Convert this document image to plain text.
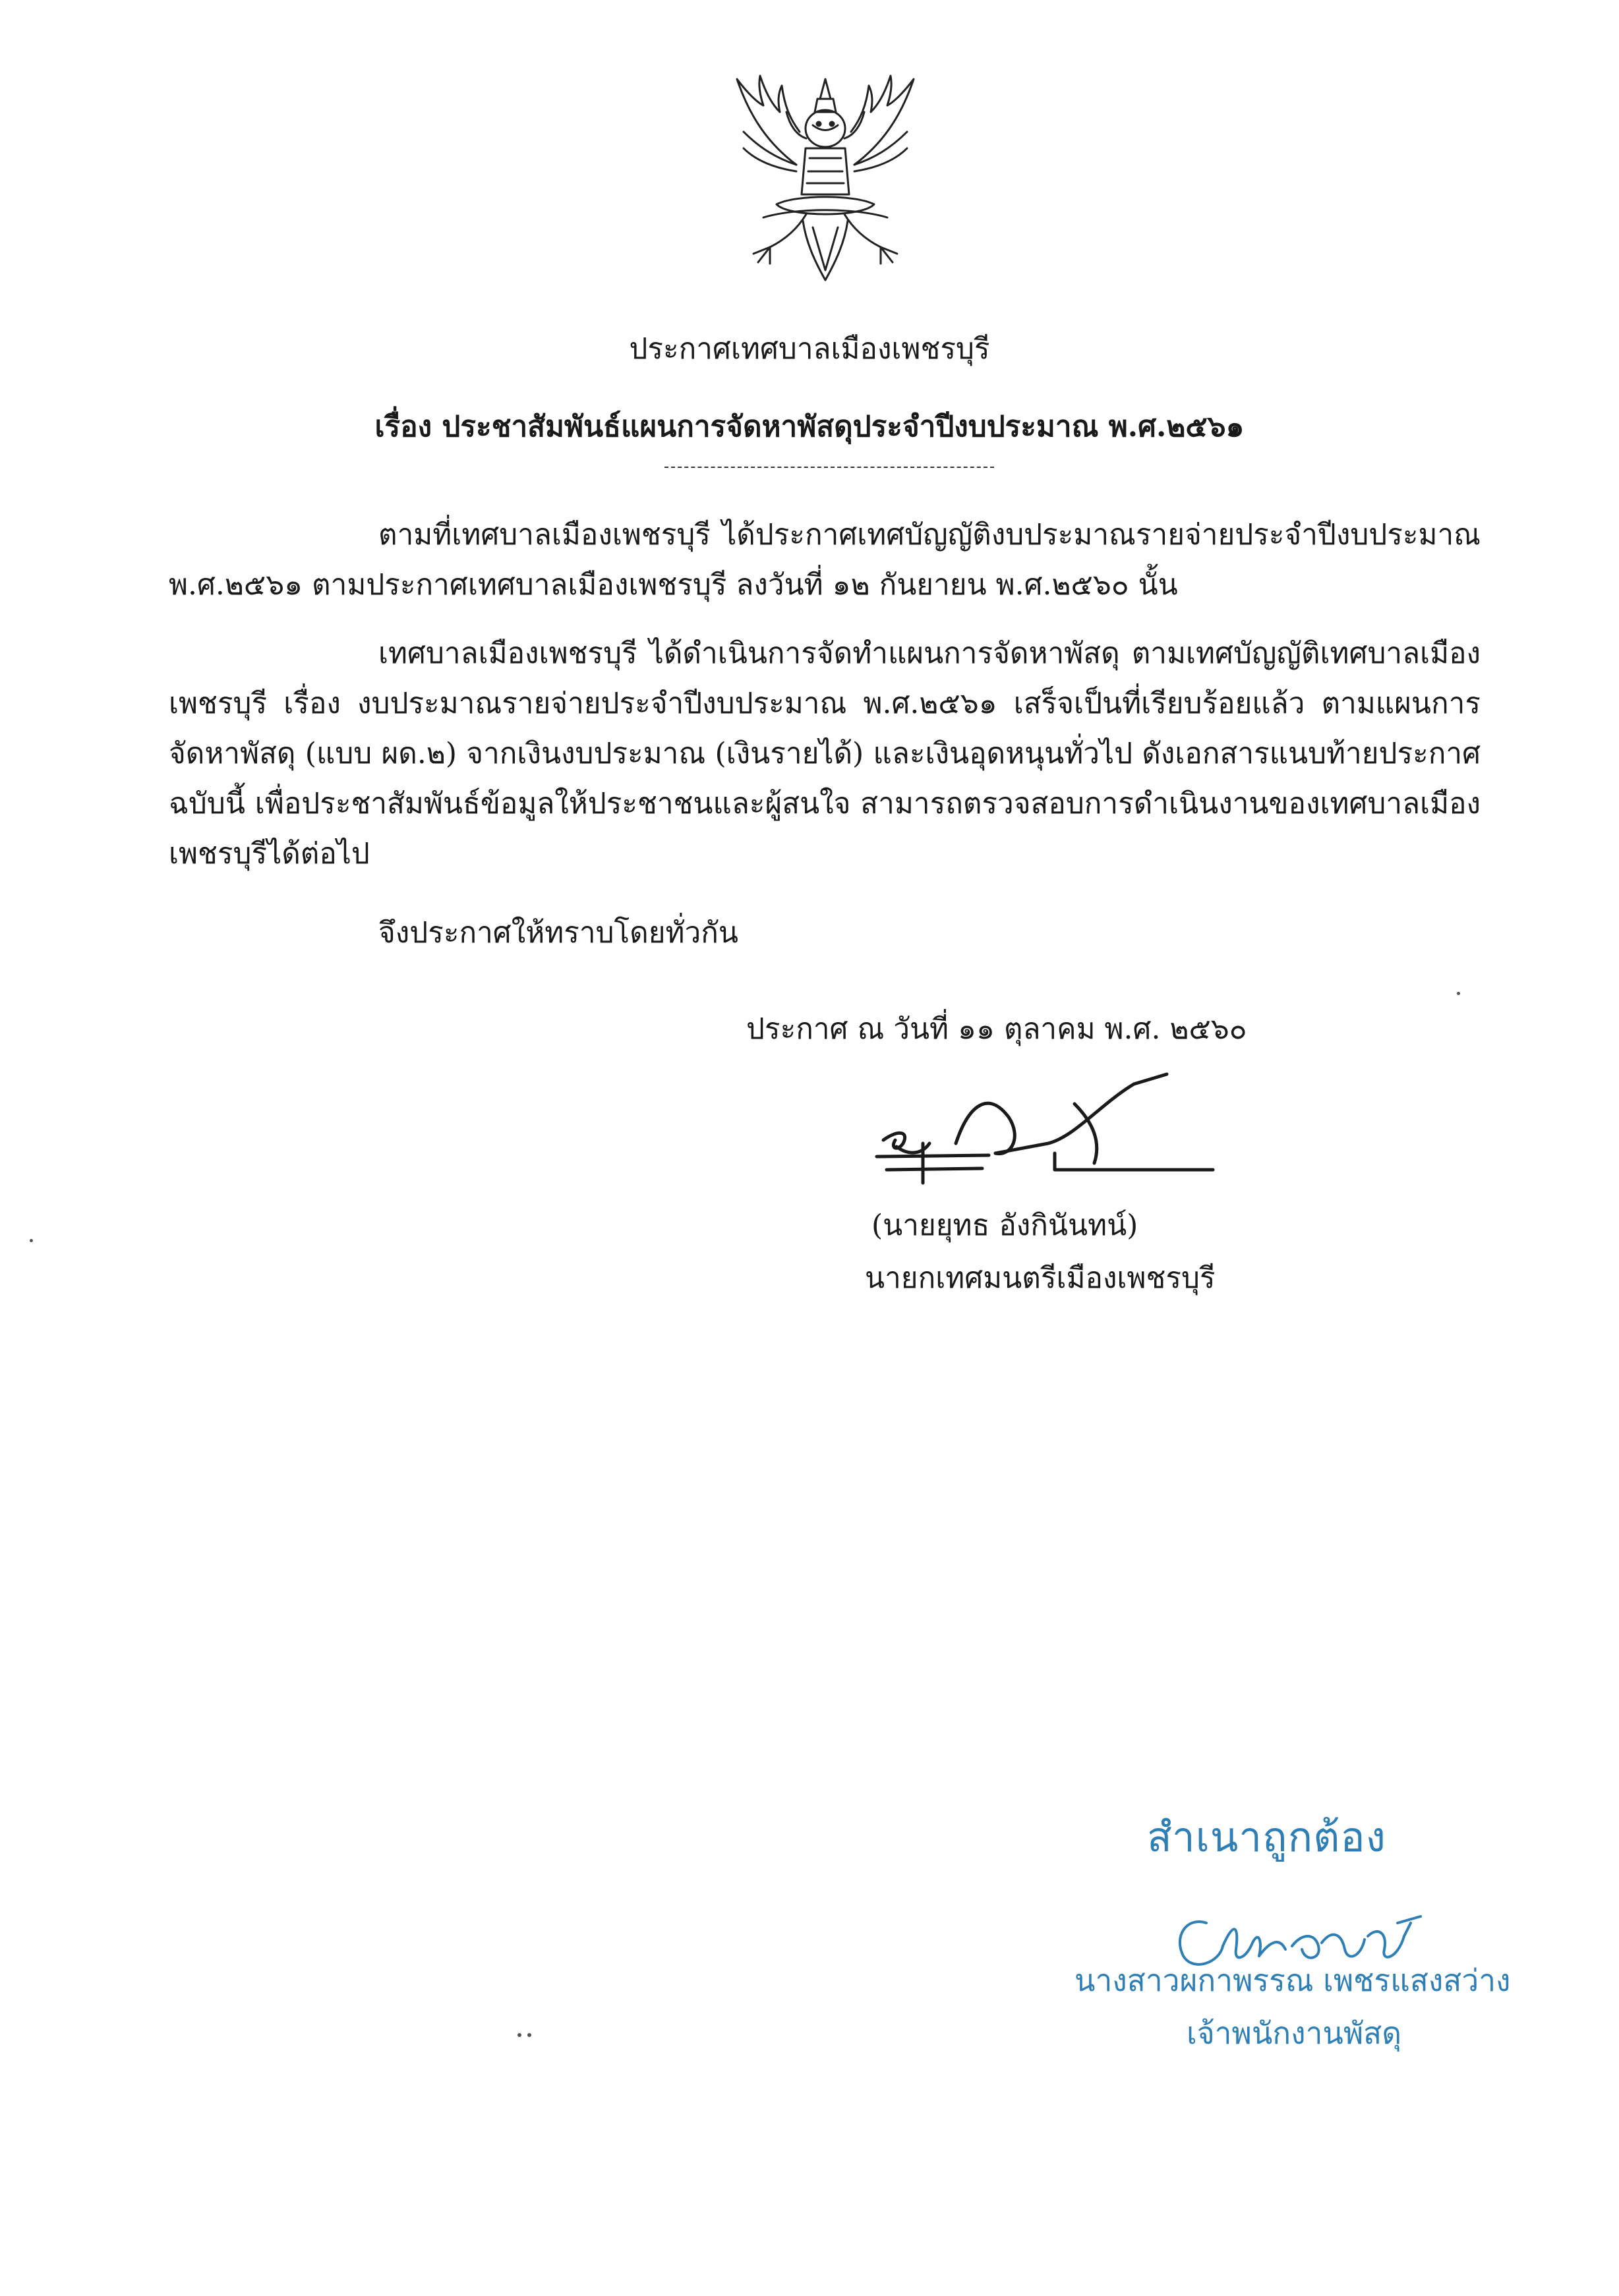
ประกาศเทศบาลเมืองเพชรบุรี
เรื่อง ประชาสัมพันธ์แผนการจัดหาพัสดุประจำปีงบประมาณ พ.ศ.๒๕๖๑
ตามที่เทศบาลเมืองเพชรบุรี ได้ประกาศเทศบัญญัติงบประมาณรายจ่ายประจำปีงบประมาณ
พ.ศ.๒๕๖๑ ตามประกาศเทศบาลเมืองเพชรบุรี ลงวันที่ ๑๒ กันยายน พ.ศ.๒๕๖๐ นั้น
เทศบาลเมืองเพชรบุรี ได้ดำเนินการจัดทำแผนการจัดหาพัสดุ ตามเทศบัญญัติเทศบาลเมือง
เพชรบุรี เรื่อง งบประมาณรายจ่ายประจำปีงบประมาณ พ.ศ.๒๕๖๑ เสร็จเป็นที่เรียบร้อยแล้ว ตามแผนการ
จัดหาพัสดุ (แบบ ผด.๒) จากเงินงบประมาณ (เงินรายได้) และเงินอุดหนุนทั่วไป ดังเอกสารแนบท้ายประกาศ
ฉบับนี้ เพื่อประชาสัมพันธ์ข้อมูลให้ประชาชนและผู้สนใจ สามารถตรวจสอบการดำเนินงานของเทศบาลเมือง
เพชรบุรีได้ต่อไป
จึงประกาศให้ทราบโดยทั่วกัน
ประกาศ ณ วันที่ ๑๑ ตุลาคม พ.ศ. ๒๕๖๐
(นายยุทธ อังกินันทน์)
นายกเทศมนตรีเมืองเพชรบุรี
สำเนาถูกต้อง
นางสาวผกาพรรณ เพชรแสงสว่าง
เจ้าพนักงานพัสดุ
